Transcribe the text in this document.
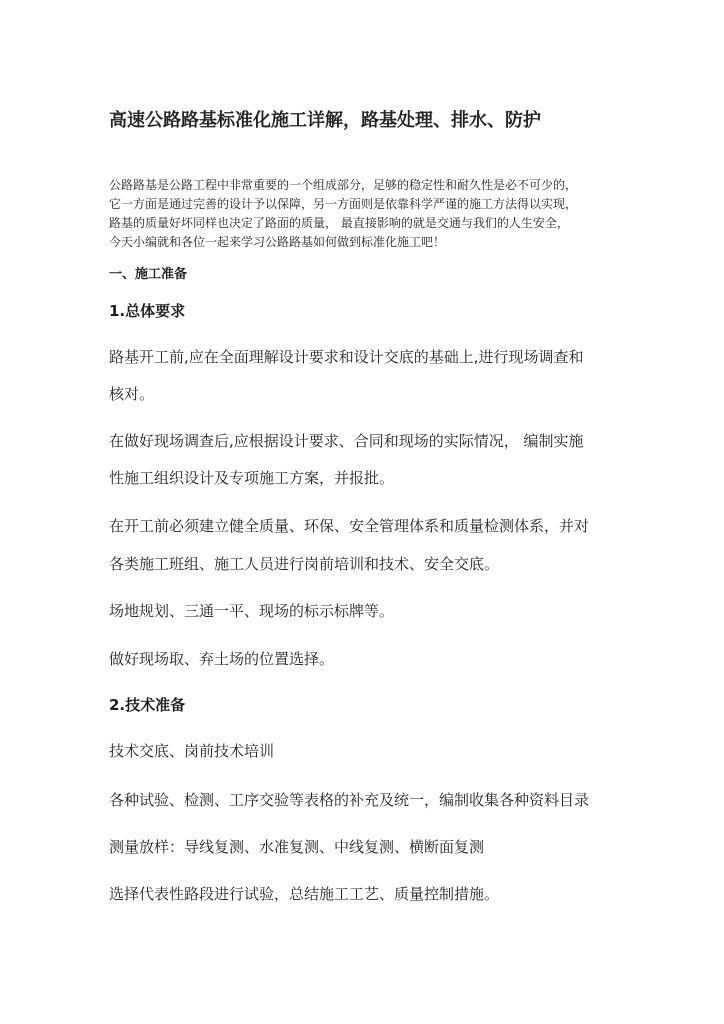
高速公路路基标准化施工详解，路基处理、排水、防护

公路路基是公路工程中非常重要的一个组成部分，足够的稳定性和耐久性是必不可少的，

它一方面是通过完善的设计予以保障，另一方面则是依靠科学严谨的施工方法得以实现，

路基的质量好坏同样也决定了路面的质量， 最直接影响的就是交通与我们的人生安全，

今天小编就和各位一起来学习公路路基如何做到标准化施工吧！

一、施工准备
1.总体要求
路基开工前,应在全面理解设计要求和设计交底的基础上,进行现场调查和
核对。
在做好现场调查后,应根据设计要求、合同和现场的实际情况， 编制实施
性施工组织设计及专项施工方案，并报批。
在开工前必须建立健全质量、环保、安全管理体系和质量检测体系，并对
各类施工班组、施工人员进行岗前培训和技术、安全交底。
场地规划、三通一平、现场的标示标牌等。
做好现场取、弃土场的位置选择。
2.技术准备
技术交底、岗前技术培训
各种试验、检测、工序交验等表格的补充及统一，编制收集各种资料目录
测量放样：导线复测、水准复测、中线复测、横断面复测
选择代表性路段进行试验，总结施工工艺、质量控制措施。
